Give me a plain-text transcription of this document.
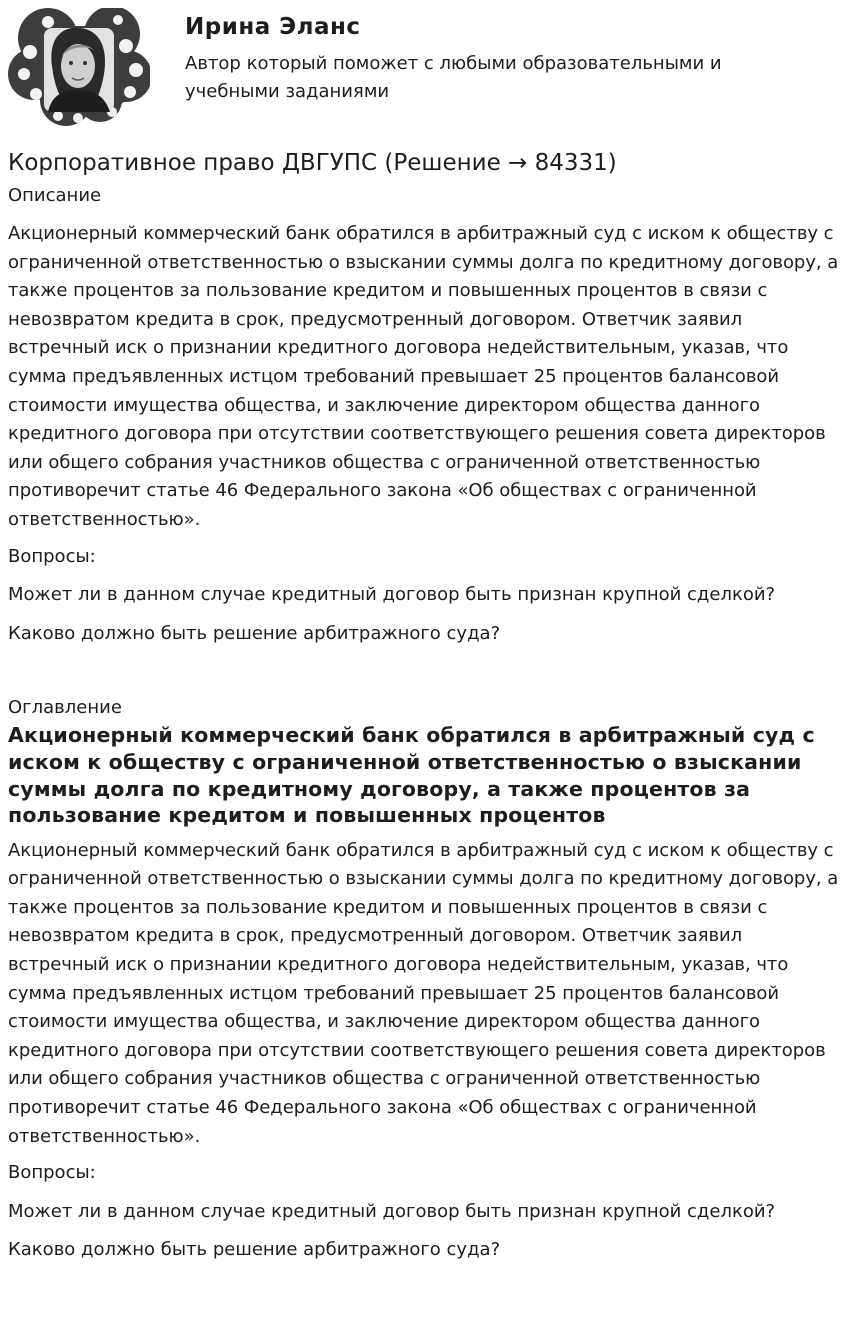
Ирина Эланс

Автор который поможет с любыми образовательными и учебными заданиями

Корпоративное право ДВГУПС (Решение → 84331)
Описание

Акционерный коммерческий банк обратился в арбитражный суд с иском к обществу с ограниченной ответственностью о взыскании суммы долга по кредитному договору, а также процентов за пользование кредитом и повышенных процентов в связи с невозвратом кредита в срок, предусмотренный договором. Ответчик заявил встречный иск о признании кредитного договора недействительным, указав, что сумма предъявленных истцом требований превышает 25 процентов балансовой стоимости имущества общества, и заключение директором общества данного кредитного договора при отсутствии соответствующего решения совета директоров или общего собрания участников общества с ограниченной ответственностью противоречит статье 46 Федерального закона «Об обществах с ограниченной ответственностью».

Вопросы:

Может ли в данном случае кредитный договор быть признан крупной сделкой?

Каково должно быть решение арбитражного суда?

Оглавление
Акционерный коммерческий банк обратился в арбитражный суд с иском к обществу с ограниченной ответственностью о взыскании суммы долга по кредитному договору, а также процентов за пользование кредитом и повышенных процентов

Акционерный коммерческий банк обратился в арбитражный суд с иском к обществу с ограниченной ответственностью о взыскании суммы долга по кредитному договору, а также процентов за пользование кредитом и повышенных процентов в связи с невозвратом кредита в срок, предусмотренный договором. Ответчик заявил встречный иск о признании кредитного договора недействительным, указав, что сумма предъявленных истцом требований превышает 25 процентов балансовой стоимости имущества общества, и заключение директором общества данного кредитного договора при отсутствии соответствующего решения совета директоров или общего собрания участников общества с ограниченной ответственностью противоречит статье 46 Федерального закона «Об обществах с ограниченной ответственностью».

Вопросы:

Может ли в данном случае кредитный договор быть признан крупной сделкой?

Каково должно быть решение арбитражного суда?
